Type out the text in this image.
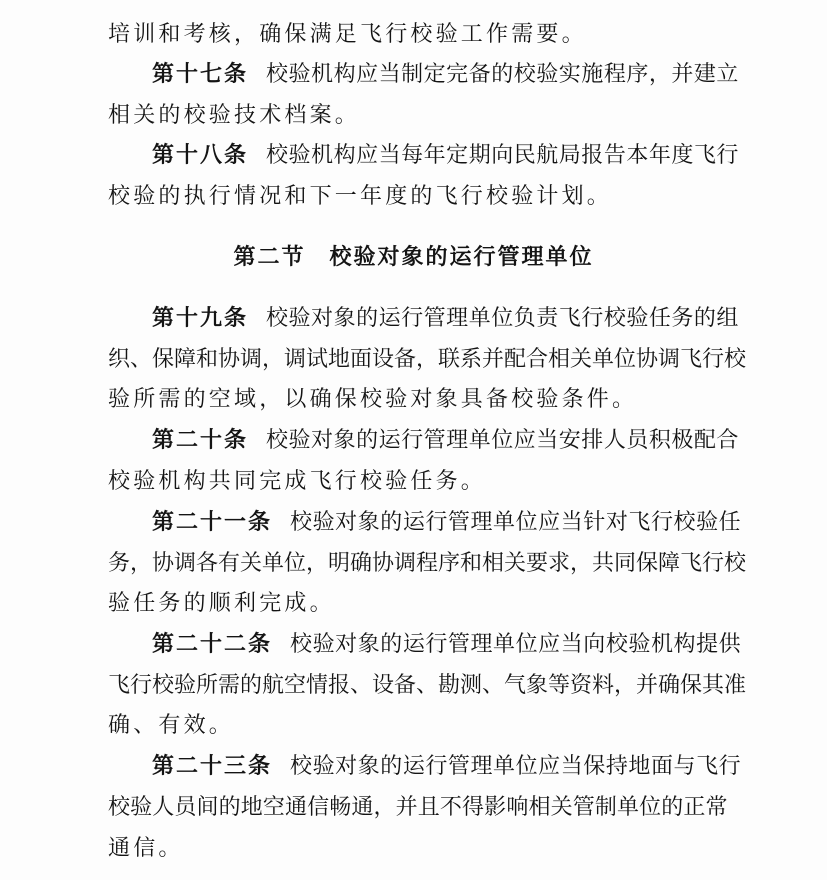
培训和考核，确保满足飞行校验工作需要。
第十七条 校验机构应当制定完备的校验实施程序，并建立
相关的校验技术档案。
第十八条 校验机构应当每年定期向民航局报告本年度飞行
校验的执行情况和下一年度的飞行校验计划。
第二节 校验对象的运行管理单位
第十九条 校验对象的运行管理单位负责飞行校验任务的组
织、保障和协调，调试地面设备，联系并配合相关单位协调飞行校
验所需的空域，以确保校验对象具备校验条件。
第二十条 校验对象的运行管理单位应当安排人员积极配合
校验机构共同完成飞行校验任务。
第二十一条 校验对象的运行管理单位应当针对飞行校验任
务，协调各有关单位，明确协调程序和相关要求，共同保障飞行校
验任务的顺利完成。
第二十二条 校验对象的运行管理单位应当向校验机构提供
飞行校验所需的航空情报、设备、勘测、气象等资料，并确保其准
确、有效。
第二十三条 校验对象的运行管理单位应当保持地面与飞行
校验人员间的地空通信畅通，并且不得影响相关管制单位的正常
通信。
